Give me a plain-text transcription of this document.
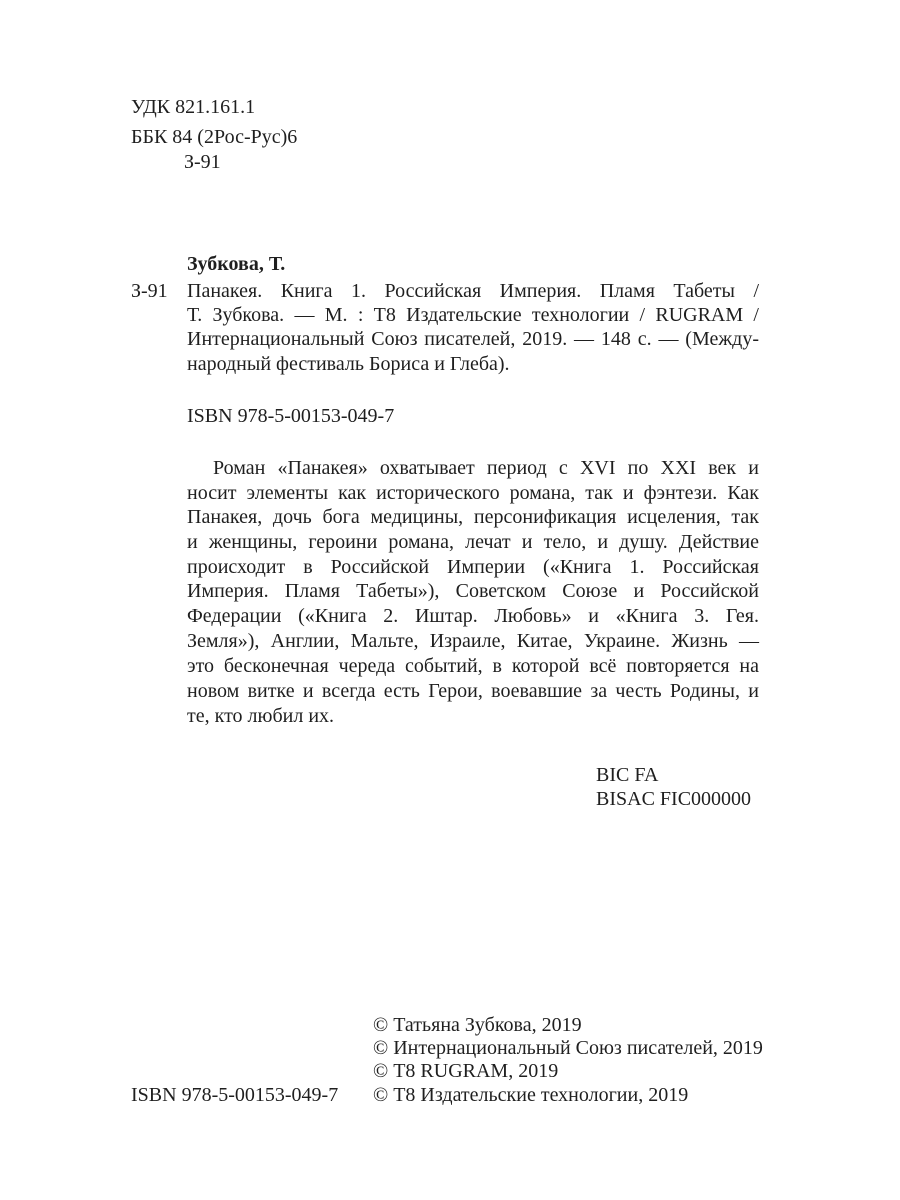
УДК 821.161.1
ББК 84 (2Рос-Рус)6
З-91
Зубкова, Т.
З-91 Панакея. Книга 1. Российская Империя. Пламя Табеты /
Т. Зубкова. — М. : Т8 Издательские технологии / RUGRAM /
Интернациональный Союз писателей, 2019. — 148 с. — (Между-
народный фестиваль Бориса и Глеба).
ISBN 978-5-00153-049-7
Роман «Панакея» охватывает период с XVI по XXI век и
носит элементы как исторического романа, так и фэнтези. Как
Панакея, дочь бога медицины, персонификация исцеления, так
и женщины, героини романа, лечат и тело, и душу. Действие
происходит в Российской Империи («Книга 1. Российская
Империя. Пламя Табеты»), Советском Союзе и Российской
Федерации («Книга 2. Иштар. Любовь» и «Книга 3. Гея.
Земля»), Англии, Мальте, Израиле, Китае, Украине. Жизнь —
это бесконечная череда событий, в которой всё повторяется на
новом витке и всегда есть Герои, воевавшие за честь Родины, и
те, кто любил их.
BIC FA
BISAC FIC000000
© Татьяна Зубкова, 2019
© Интернациональный Союз писателей, 2019
© Т8 RUGRAM, 2019
© Т8 Издательские технологии, 2019
ISBN 978-5-00153-049-7
